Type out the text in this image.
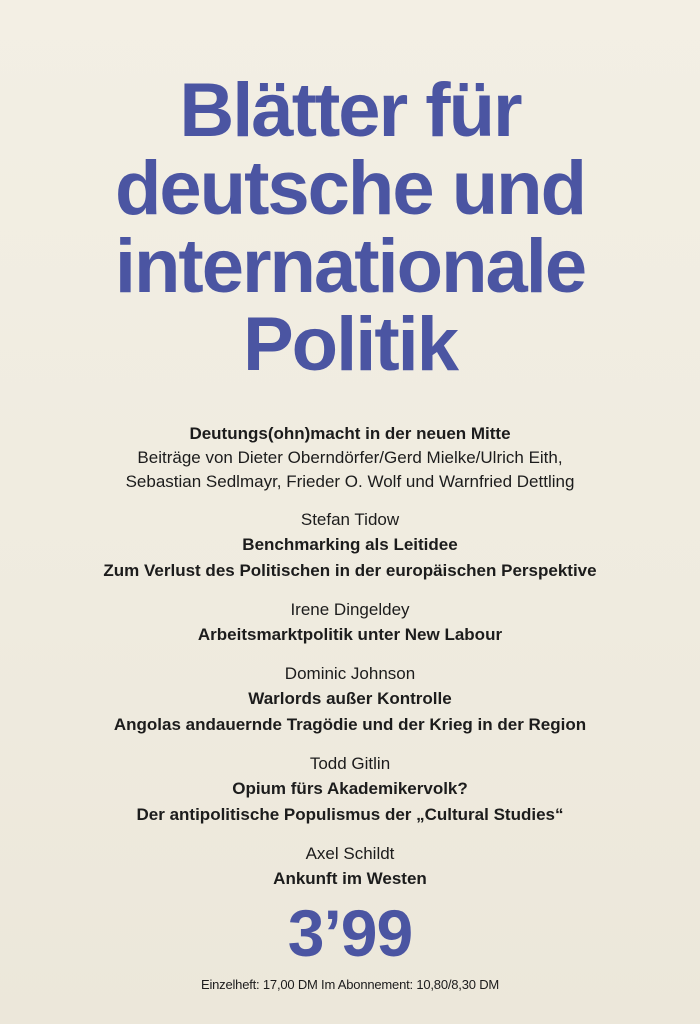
Blätter für
deutsche und
internationale
Politik
Deutungs(ohn)macht in der neuen Mitte
Beiträge von Dieter Oberndörfer/Gerd Mielke/Ulrich Eith,
Sebastian Sedlmayr, Frieder O. Wolf und Warnfried Dettling
Stefan Tidow
Benchmarking als Leitidee
Zum Verlust des Politischen in der europäischen Perspektive
Irene Dingeldey
Arbeitsmarktpolitik unter New Labour
Dominic Johnson
Warlords außer Kontrolle
Angolas andauernde Tragödie und der Krieg in der Region
Todd Gitlin
Opium fürs Akademikervolk?
Der antipolitische Populismus der „Cultural Studies“
Axel Schildt
Ankunft im Westen
3’99
Einzelheft: 17,00 DM Im Abonnement: 10,80/8,30 DM
